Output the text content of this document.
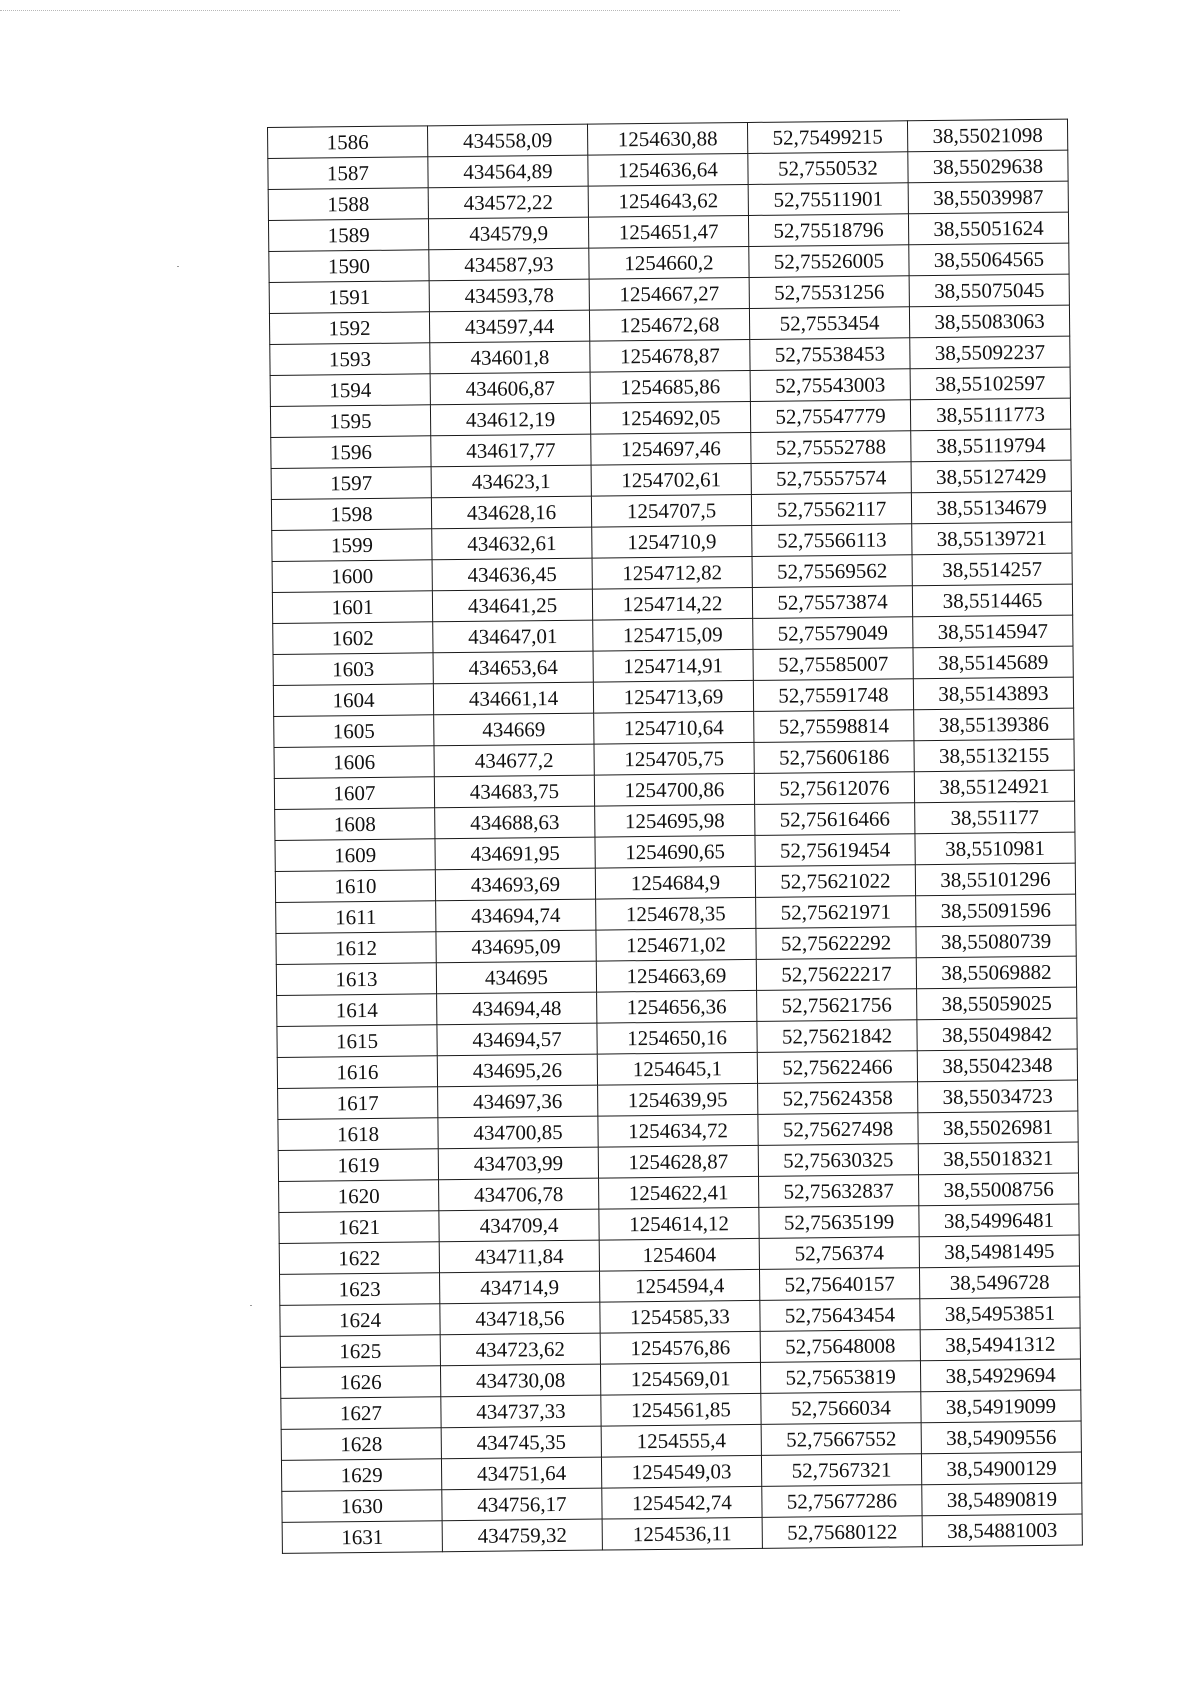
1586	434558,09	1254630,88	52,75499215	38,55021098
1587	434564,89	1254636,64	52,7550532	38,55029638
1588	434572,22	1254643,62	52,75511901	38,55039987
1589	434579,9	1254651,47	52,75518796	38,55051624
1590	434587,93	1254660,2	52,75526005	38,55064565
1591	434593,78	1254667,27	52,75531256	38,55075045
1592	434597,44	1254672,68	52,7553454	38,55083063
1593	434601,8	1254678,87	52,75538453	38,55092237
1594	434606,87	1254685,86	52,75543003	38,55102597
1595	434612,19	1254692,05	52,75547779	38,55111773
1596	434617,77	1254697,46	52,75552788	38,55119794
1597	434623,1	1254702,61	52,75557574	38,55127429
1598	434628,16	1254707,5	52,75562117	38,55134679
1599	434632,61	1254710,9	52,75566113	38,55139721
1600	434636,45	1254712,82	52,75569562	38,5514257
1601	434641,25	1254714,22	52,75573874	38,5514465
1602	434647,01	1254715,09	52,75579049	38,55145947
1603	434653,64	1254714,91	52,75585007	38,55145689
1604	434661,14	1254713,69	52,75591748	38,55143893
1605	434669	1254710,64	52,75598814	38,55139386
1606	434677,2	1254705,75	52,75606186	38,55132155
1607	434683,75	1254700,86	52,75612076	38,55124921
1608	434688,63	1254695,98	52,75616466	38,551177
1609	434691,95	1254690,65	52,75619454	38,5510981
1610	434693,69	1254684,9	52,75621022	38,55101296
1611	434694,74	1254678,35	52,75621971	38,55091596
1612	434695,09	1254671,02	52,75622292	38,55080739
1613	434695	1254663,69	52,75622217	38,55069882
1614	434694,48	1254656,36	52,75621756	38,55059025
1615	434694,57	1254650,16	52,75621842	38,55049842
1616	434695,26	1254645,1	52,75622466	38,55042348
1617	434697,36	1254639,95	52,75624358	38,55034723
1618	434700,85	1254634,72	52,75627498	38,55026981
1619	434703,99	1254628,87	52,75630325	38,55018321
1620	434706,78	1254622,41	52,75632837	38,55008756
1621	434709,4	1254614,12	52,75635199	38,54996481
1622	434711,84	1254604	52,756374	38,54981495
1623	434714,9	1254594,4	52,75640157	38,5496728
1624	434718,56	1254585,33	52,75643454	38,54953851
1625	434723,62	1254576,86	52,75648008	38,54941312
1626	434730,08	1254569,01	52,75653819	38,54929694
1627	434737,33	1254561,85	52,7566034	38,54919099
1628	434745,35	1254555,4	52,75667552	38,54909556
1629	434751,64	1254549,03	52,7567321	38,54900129
1630	434756,17	1254542,74	52,75677286	38,54890819
1631	434759,32	1254536,11	52,75680122	38,54881003
